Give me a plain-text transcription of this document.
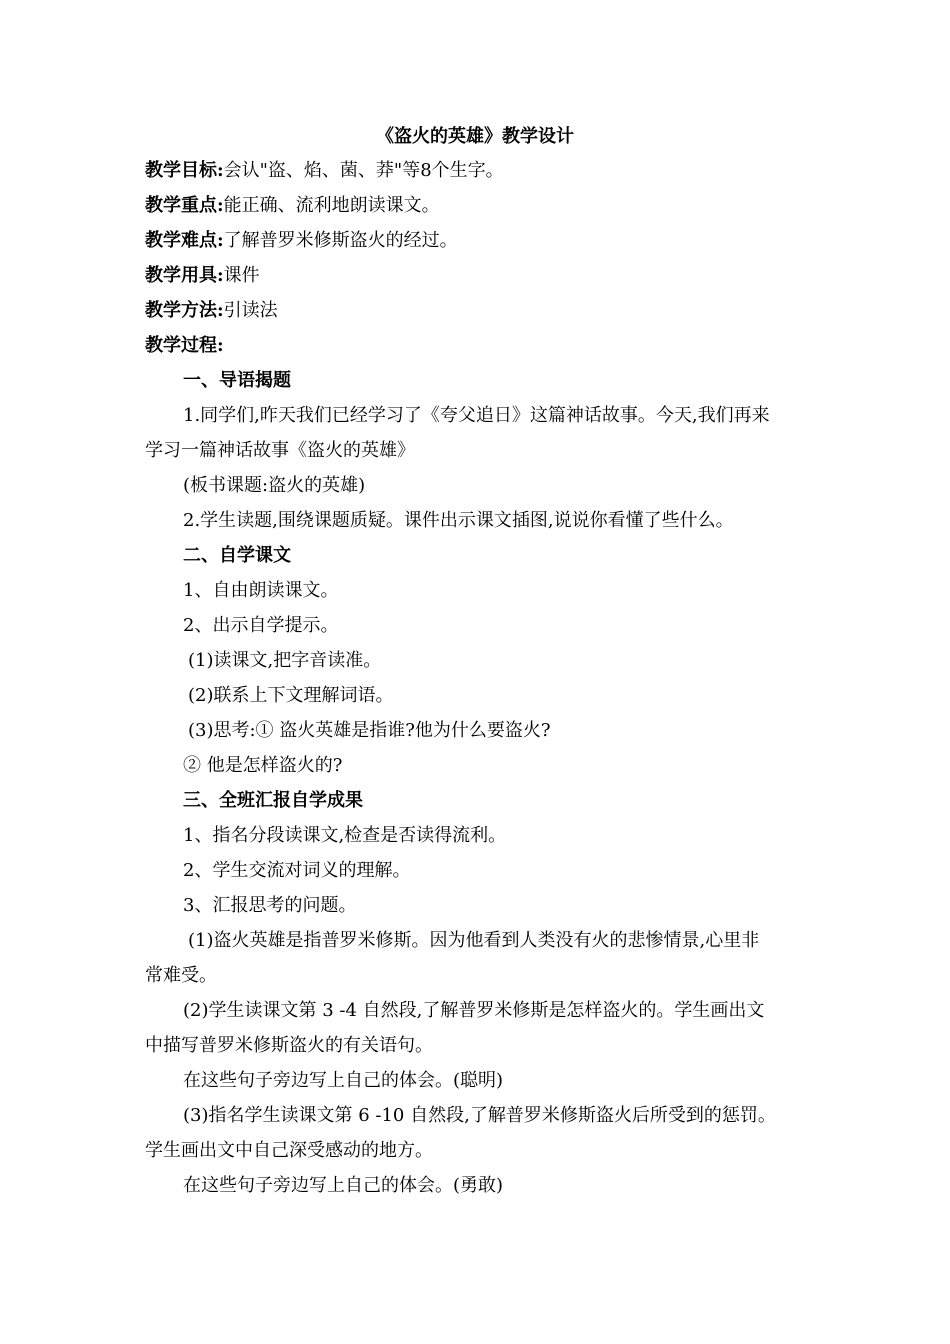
《盗火的英雄》教学设计
教学目标:会认"盗、焰、菌、莽"等8个生字。
教学重点:能正确、流利地朗读课文。
教学难点:了解普罗米修斯盗火的经过。
教学用具:课件
教学方法:引读法
教学过程:
一、导语揭题
1.同学们,昨天我们已经学习了《夸父追日》这篇神话故事。今天,我们再来
学习一篇神话故事《盗火的英雄》
(板书课题:盗火的英雄)
2.学生读题,围绕课题质疑。课件出示课文插图,说说你看懂了些什么。
二、自学课文
1、自由朗读课文。
2、出示自学提示。
(1)读课文,把字音读准。
(2)联系上下文理解词语。
(3)思考:① 盗火英雄是指谁?他为什么要盗火?
② 他是怎样盗火的?
三、全班汇报自学成果
1、指名分段读课文,检查是否读得流利。
2、学生交流对词义的理解。
3、汇报思考的问题。
(1)盗火英雄是指普罗米修斯。因为他看到人类没有火的悲惨情景,心里非
常难受。
(2)学生读课文第 3 -4 自然段,了解普罗米修斯是怎样盗火的。学生画出文
中描写普罗米修斯盗火的有关语句。
在这些句子旁边写上自己的体会。(聪明)
(3)指名学生读课文第 6 -10 自然段,了解普罗米修斯盗火后所受到的惩罚。
学生画出文中自己深受感动的地方。
在这些句子旁边写上自己的体会。(勇敢)
